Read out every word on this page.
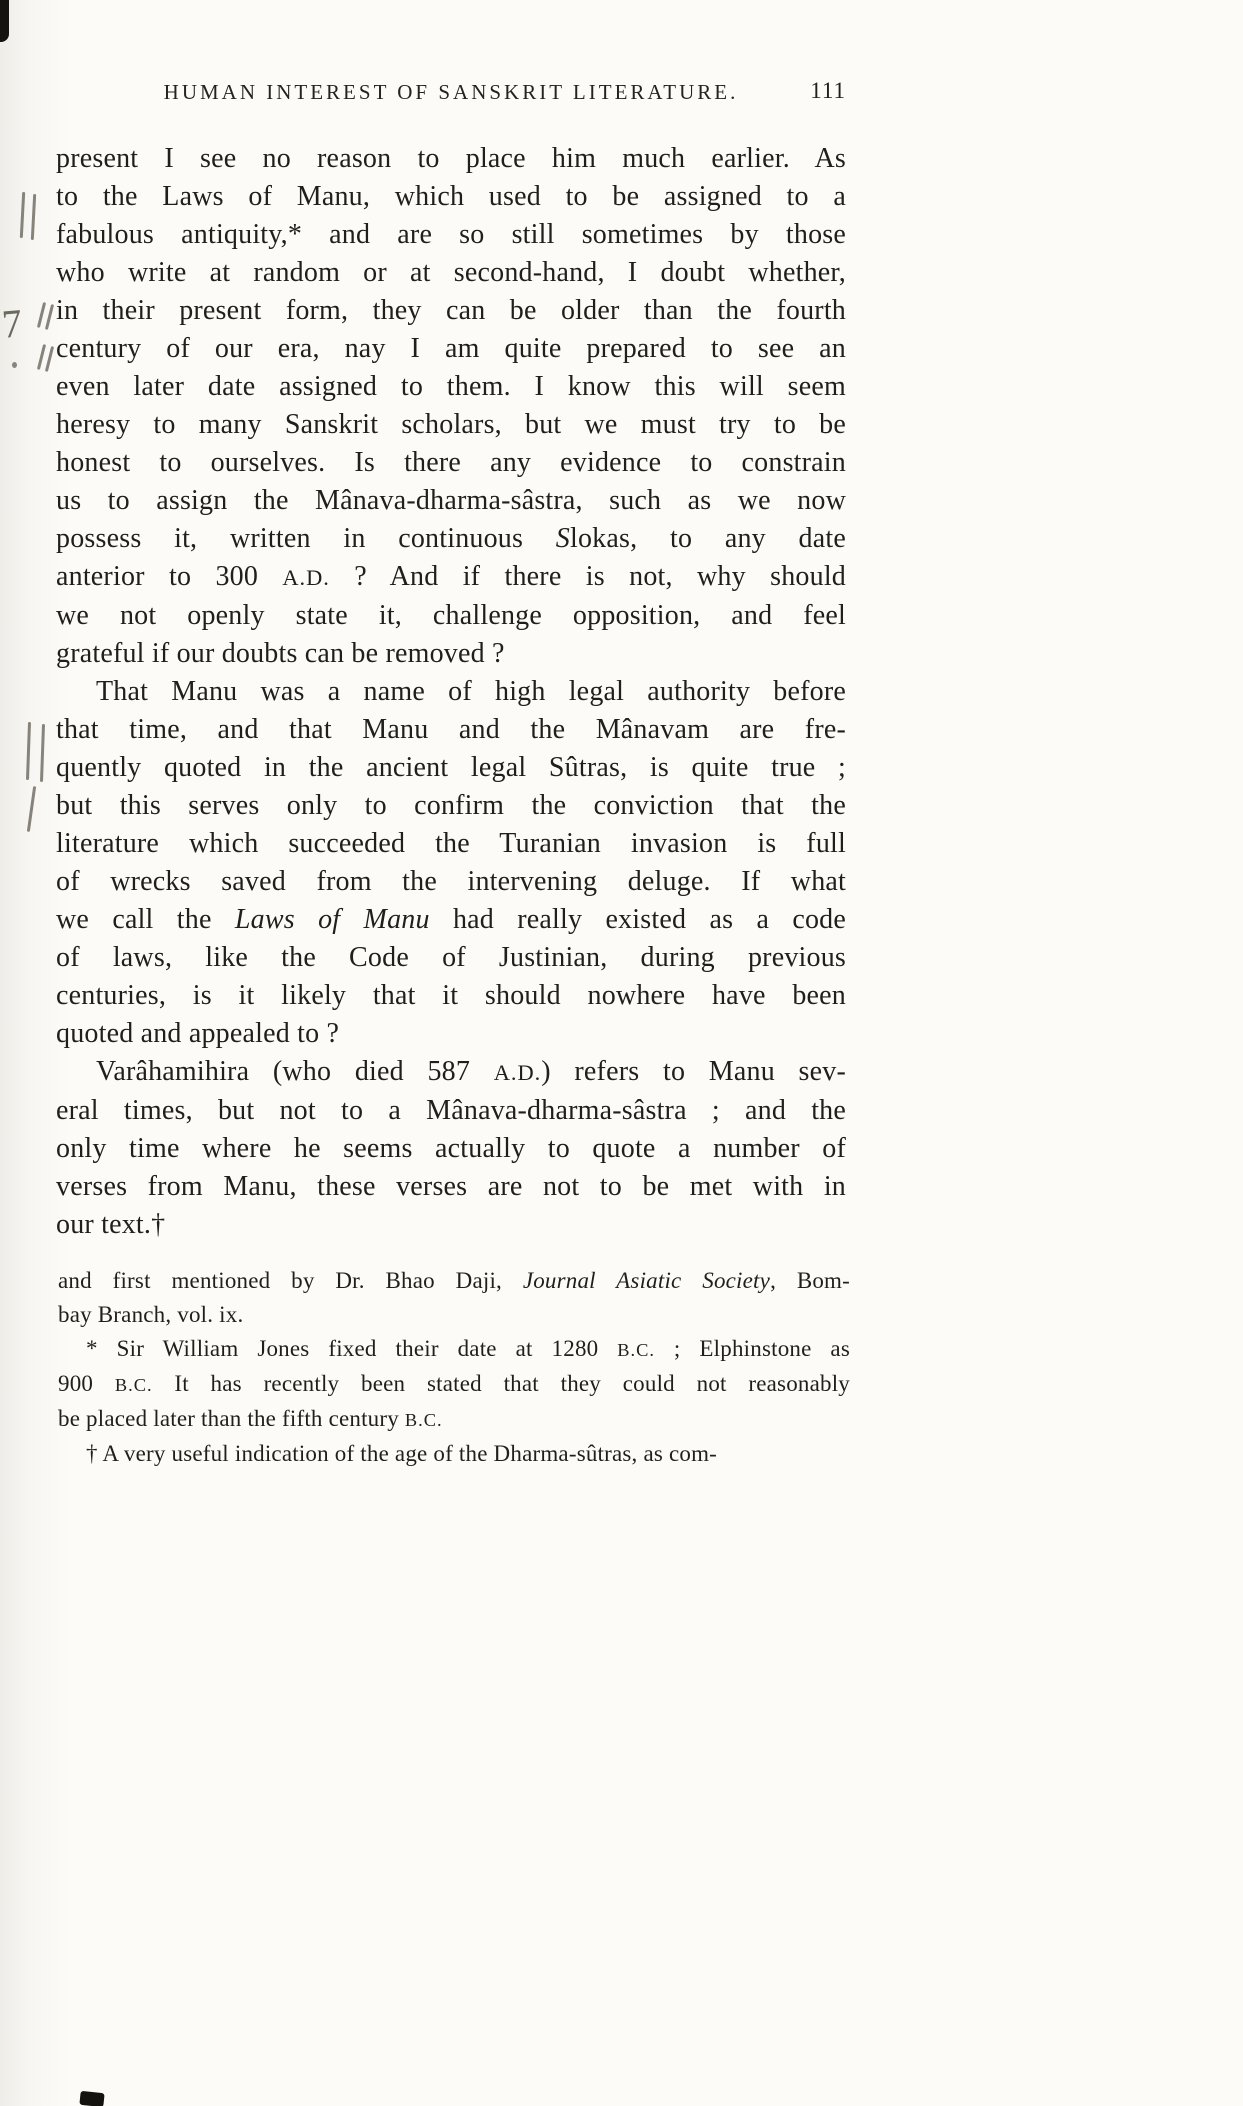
HUMAN INTEREST OF SANSKRIT LITERATURE.	111
present I see no reason to place him much earlier. As
to the Laws of Manu, which used to be assigned to a
fabulous antiquity,* and are so still sometimes by those
who write at random or at second-hand, I doubt whether,
in their present form, they can be older than the fourth
century of our era, nay I am quite prepared to see an
even later date assigned to them. I know this will seem
heresy to many Sanskrit scholars, but we must try to be
honest to ourselves. Is there any evidence to constrain
us to assign the Mânava-dharma-sâstra, such as we now
possess it, written in continuous Slokas, to any date
anterior to 300 A.D. ? And if there is not, why should
we not openly state it, challenge opposition, and feel
grateful if our doubts can be removed ?
That Manu was a name of high legal authority before
that time, and that Manu and the Mânavam are fre-
quently quoted in the ancient legal Sûtras, is quite true ;
but this serves only to confirm the conviction that the
literature which succeeded the Turanian invasion is full
of wrecks saved from the intervening deluge. If what
we call the Laws of Manu had really existed as a code
of laws, like the Code of Justinian, during previous
centuries, is it likely that it should nowhere have been
quoted and appealed to ?
Varâhamihira (who died 587 A.D.) refers to Manu sev-
eral times, but not to a Mânava-dharma-sâstra ; and the
only time where he seems actually to quote a number of
verses from Manu, these verses are not to be met with in
our text.†
and first mentioned by Dr. Bhao Daji, Journal Asiatic Society, Bom-
bay Branch, vol. ix.
* Sir William Jones fixed their date at 1280 B.C. ; Elphinstone as
900 B.C. It has recently been stated that they could not reasonably
be placed later than the fifth century B.C.
† A very useful indication of the age of the Dharma-sûtras, as com-
7
